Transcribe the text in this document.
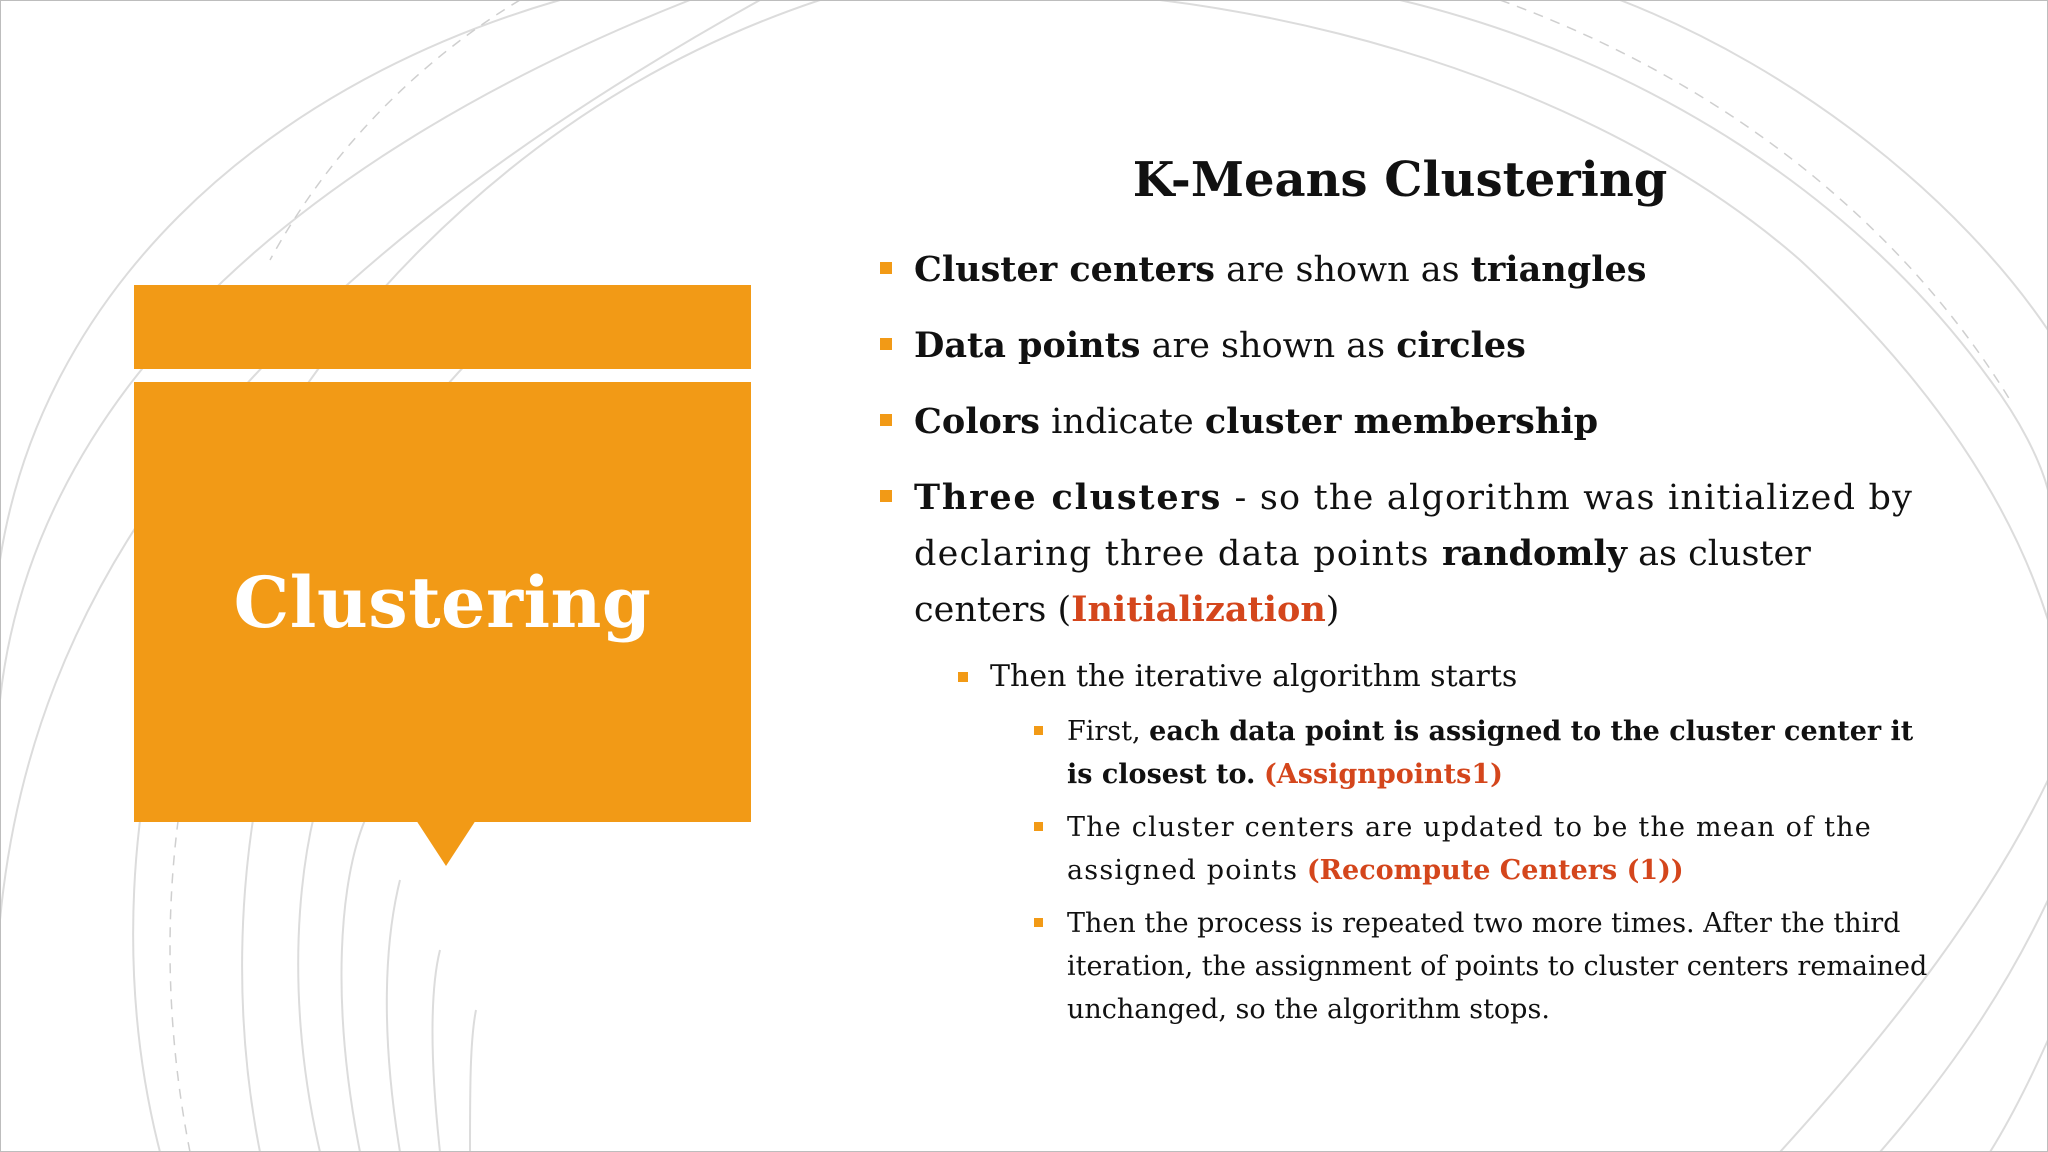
Clustering
K-Means Clustering
Cluster centers are shown as triangles
Data points are shown as circles
Colors indicate cluster membership
Three clusters - so the algorithm was initialized by declaring three data points randomly as cluster centers (Initialization)
Then the iterative algorithm starts
First, each data point is assigned to the cluster center it is closest to. (Assignpoints1)
The cluster centers are updated to be the mean of the assigned points (Recompute Centers (1))
Then the process is repeated two more times. After the third iteration, the assignment of points to cluster centers remained unchanged, so the algorithm stops.
